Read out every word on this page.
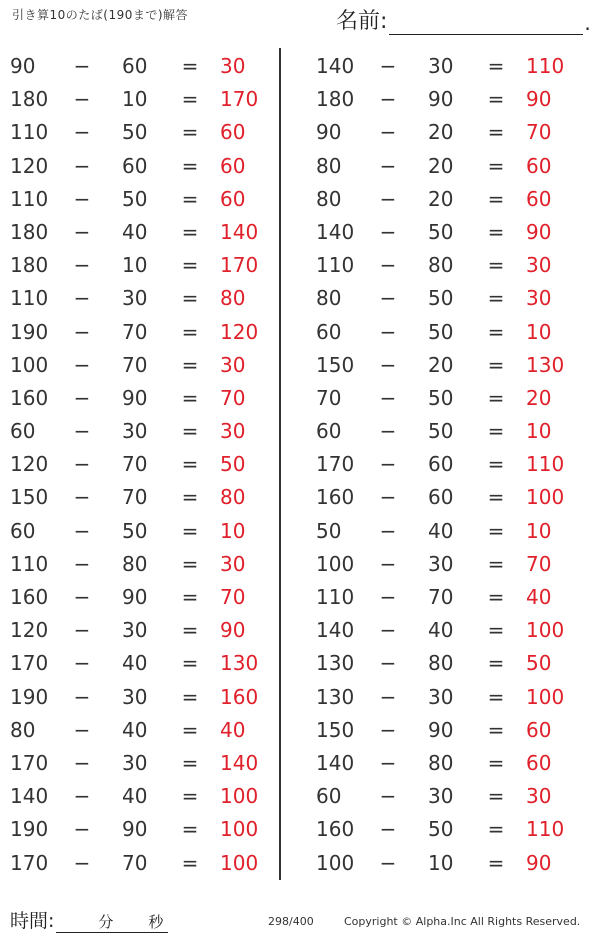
引き算10のたば(190まで)解答	名前:	.
90	− 60	= 30
180	− 10	= 170
110	− 50	= 60
120	− 60	= 60
110	− 50	= 60
180	− 40	= 140
180	− 10	= 170
110	− 30	= 80
190	− 70	= 120
100	− 70	= 30
160	− 90	= 70
60	− 30	= 30
120	− 70	= 50
150	− 70	= 80
60	− 50	= 10
110	− 80	= 30
160	− 90	= 70
120	− 30	= 90
170	− 40	= 130
190	− 30	= 160
80	− 40	= 40
170	− 30	= 140
140	− 40	= 100
190	− 90	= 100
170	− 70	= 100
140	− 30	= 110
180	− 90	= 90
90	− 20	= 70
80	− 20	= 60
80	− 20	= 60
140	− 50	= 90
110	− 80	= 30
80	− 50	= 30
60	− 50	= 10
150	− 20	= 130
70	− 50	= 20
60	− 50	= 10
170	− 60	= 110
160	− 60	= 100
50	− 40	= 10
100	− 30	= 70
110	− 70	= 40
140	− 40	= 100
130	− 80	= 50
130	− 30	= 100
150	− 90	= 60
140	− 80	= 60
60	− 30	= 30
160	− 50	= 110
100	− 10	= 90
時間:	分 秒	298/400	Copyright © Alpha.Inc All Rights Reserved.
